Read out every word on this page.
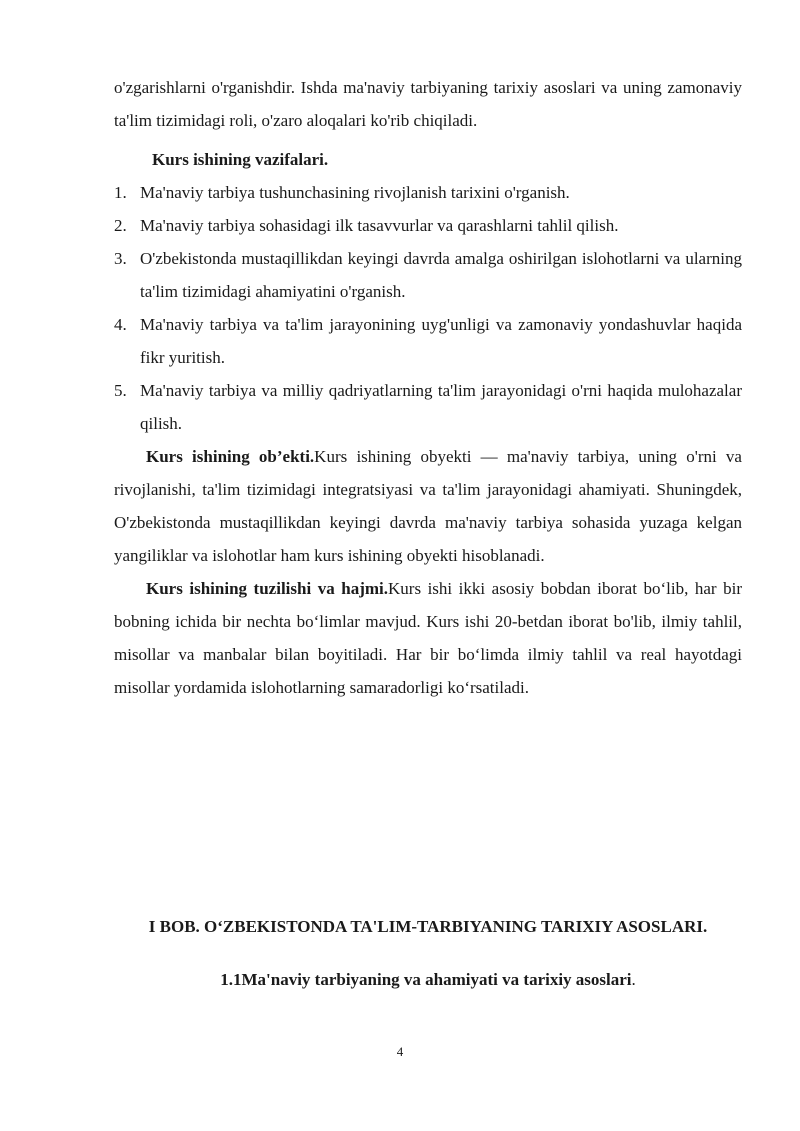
o'zgarishlarni o'rganishdir. Ishda ma'naviy tarbiyaning tarixiy asoslari va uning zamonaviy ta'lim tizimidagi roli, o'zaro aloqalari ko'rib chiqiladi.

Kurs ishining vazifalari.

1. Ma'naviy tarbiya tushunchasining rivojlanish tarixini o'rganish.
2. Ma'naviy tarbiya sohasidagi ilk tasavvurlar va qarashlarni tahlil qilish.
3. O'zbekistonda mustaqillikdan keyingi davrda amalga oshirilgan islohotlarni va ularning ta'lim tizimidagi ahamiyatini o'rganish.
4. Ma'naviy tarbiya va ta'lim jarayonining uyg'unligi va zamonaviy yondashuvlar haqida fikr yuritish.
5. Ma'naviy tarbiya va milliy qadriyatlarning ta'lim jarayonidagi o'rni haqida mulohazalar qilish.

Kurs ishining ob’ekti.Kurs ishining obyekti — ma'naviy tarbiya, uning o'rni va rivojlanishi, ta'lim tizimidagi integratsiyasi va ta'lim jarayonidagi ahamiyati. Shuningdek, O'zbekistonda mustaqillikdan keyingi davrda ma'naviy tarbiya sohasida yuzaga kelgan yangiliklar va islohotlar ham kurs ishining obyekti hisoblanadi.

Kurs ishining tuzilishi va hajmi.Kurs ishi ikki asosiy bobdan iborat bo‘lib, har bir bobning ichida bir nechta bo‘limlar mavjud. Kurs ishi 20-betdan iborat bo'lib, ilmiy tahlil, misollar va manbalar bilan boyitiladi. Har bir bo‘limda ilmiy tahlil va real hayotdagi misollar yordamida islohotlarning samaradorligi ko‘rsatiladi.

I BOB. O‘ZBEKISTONDA TA'LIM-TARBIYANING TARIXIY ASOSLARI.
1.1Ma'naviy tarbiyaning va ahamiyati va tarixiy asoslari.
4
